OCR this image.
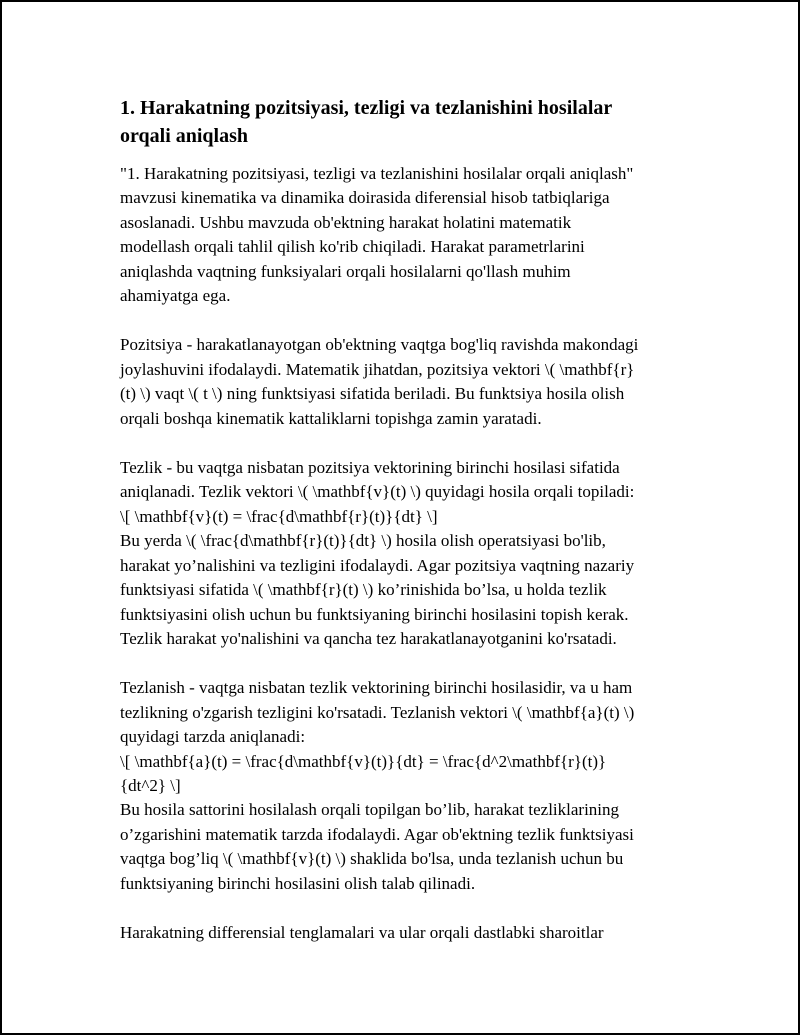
1. Harakatning pozitsiyasi, tezligi va tezlanishini hosilalar
orqali aniqlash

"1. Harakatning pozitsiyasi, tezligi va tezlanishini hosilalar orqali aniqlash"
mavzusi kinematika va dinamika doirasida diferensial hisob tatbiqlariga
asoslanadi. Ushbu mavzuda ob'ektning harakat holatini matematik
modellash orqali tahlil qilish ko'rib chiqiladi. Harakat parametrlarini
aniqlashda vaqtning funksiyalari orqali hosilalarni qo'llash muhim
ahamiyatga ega.

Pozitsiya - harakatlanayotgan ob'ektning vaqtga bog'liq ravishda makondagi
joylashuvini ifodalaydi. Matematik jihatdan, pozitsiya vektori \( \mathbf{r}
(t) \) vaqt \( t \) ning funktsiyasi sifatida beriladi. Bu funktsiya hosila olish
orqali boshqa kinematik kattaliklarni topishga zamin yaratadi.

Tezlik - bu vaqtga nisbatan pozitsiya vektorining birinchi hosilasi sifatida
aniqlanadi. Tezlik vektori \( \mathbf{v}(t) \) quyidagi hosila orqali topiladi:
\[ \mathbf{v}(t) = \frac{d\mathbf{r}(t)}{dt} \]
Bu yerda \( \frac{d\mathbf{r}(t)}{dt} \) hosila olish operatsiyasi bo'lib,
harakat yo’nalishini va tezligini ifodalaydi. Agar pozitsiya vaqtning nazariy
funktsiyasi sifatida \( \mathbf{r}(t) \) ko’rinishida bo’lsa, u holda tezlik
funktsiyasini olish uchun bu funktsiyaning birinchi hosilasini topish kerak.
Tezlik harakat yo'nalishini va qancha tez harakatlanayotganini ko'rsatadi.

Tezlanish - vaqtga nisbatan tezlik vektorining birinchi hosilasidir, va u ham
tezlikning o'zgarish tezligini ko'rsatadi. Tezlanish vektori \( \mathbf{a}(t) \)
quyidagi tarzda aniqlanadi:
\[ \mathbf{a}(t) = \frac{d\mathbf{v}(t)}{dt} = \frac{d^2\mathbf{r}(t)}
{dt^2} \]
Bu hosila sattorini hosilalash orqali topilgan bo’lib, harakat tezliklarining
o’zgarishini matematik tarzda ifodalaydi. Agar ob'ektning tezlik funktsiyasi
vaqtga bog’liq \( \mathbf{v}(t) \) shaklida bo'lsa, unda tezlanish uchun bu
funktsiyaning birinchi hosilasini olish talab qilinadi.

Harakatning differensial tenglamalari va ular orqali dastlabki sharoitlar
